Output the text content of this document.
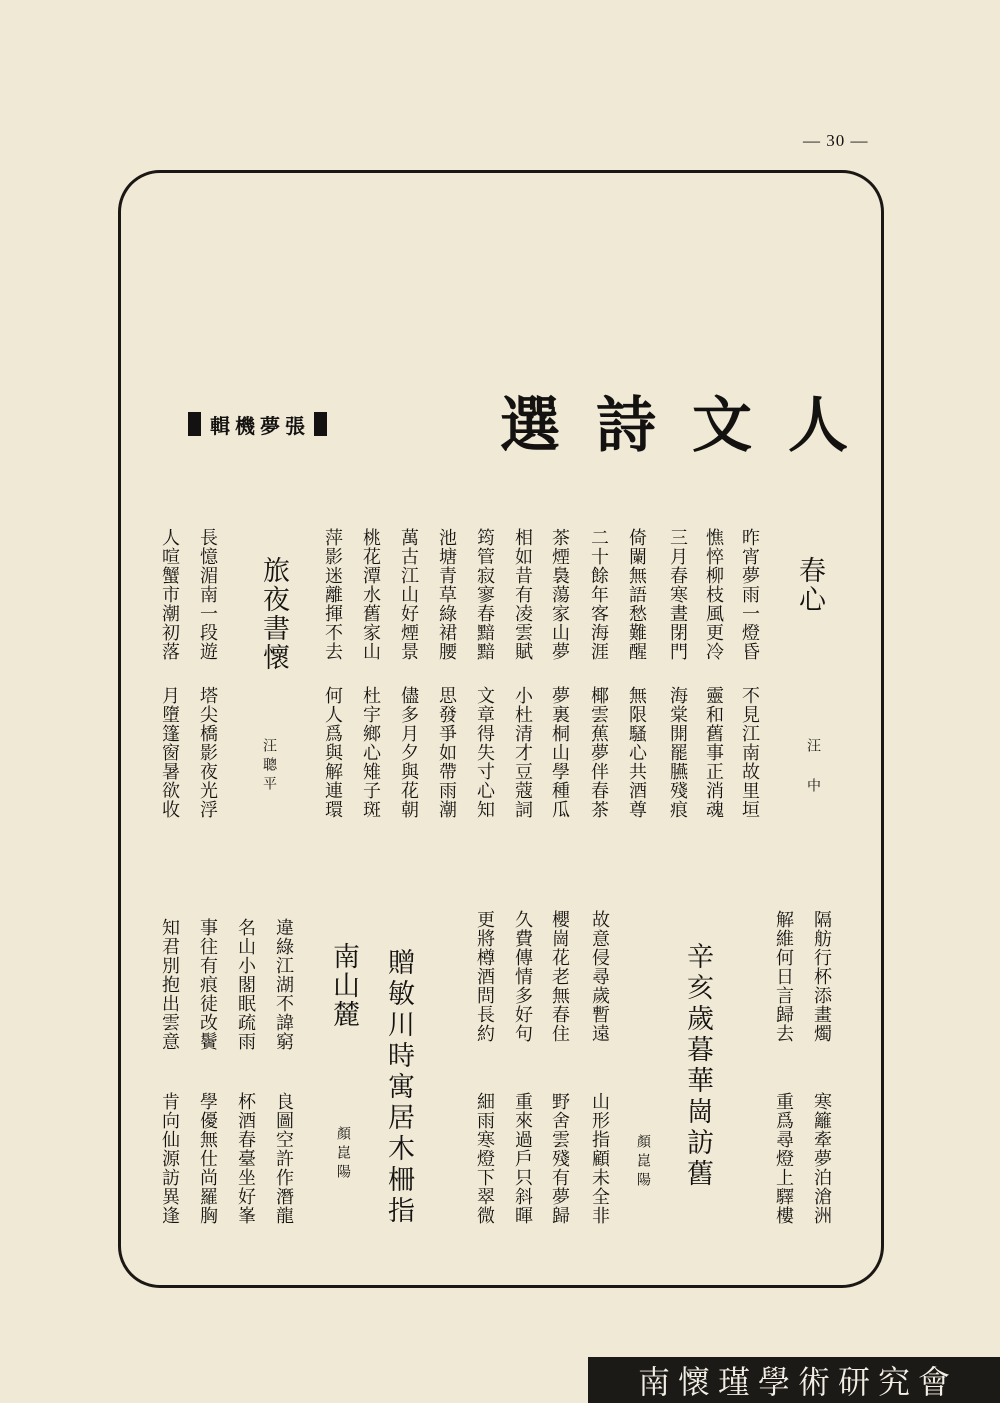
— 30 —
人文詩選
張夢機輯
春心
汪 中
昨宵夢雨一燈昏
不見江南故里垣
憔悴柳枝風更冷
靈和舊事正消魂
三月春寒晝閉門
海棠開罷臙殘痕
倚闌無語愁難醒
無限騷心共酒尊
二十餘年客海涯
椰雲蕉夢伴春茶
茶煙裊蕩家山夢
夢裏桐山學種瓜
相如昔有凌雲賦
小杜清才豆蔻詞
筠管寂寥春黯黯
文章得失寸心知
池塘青草綠裙腰
思發爭如帶雨潮
萬古江山好煙景
儘多月夕與花朝
桃花潭水舊家山
杜宇鄉心雉子斑
萍影迷離揮不去
何人爲與解連環
旅夜書懷
汪聰平
長憶湄南一段遊
塔尖橋影夜光浮
人喧蟹市潮初落
月墮篷窗暑欲收
隔舫行杯添畫燭
寒籬牽夢泊滄洲
解維何日言歸去
重爲尋燈上驛樓
辛亥歲暮華崗訪舊
顏崑陽
故意侵尋歲暫遠
山形指顧未全非
櫻崗花老無春住
野舍雲殘有夢歸
久費傳情多好句
重來過戶只斜暉
更將樽酒問長約
細雨寒燈下翠微
贈敏川時寓居木柵指
南山麓
顏崑陽
違綠江湖不諱窮
良圖空許作潛龍
名山小閣眠疏雨
杯酒春臺坐好峯
事往有痕徒改鬢
學優無仕尚羅胸
知君別抱出雲意
肯向仙源訪異逢
南懷瑾學術研究會
